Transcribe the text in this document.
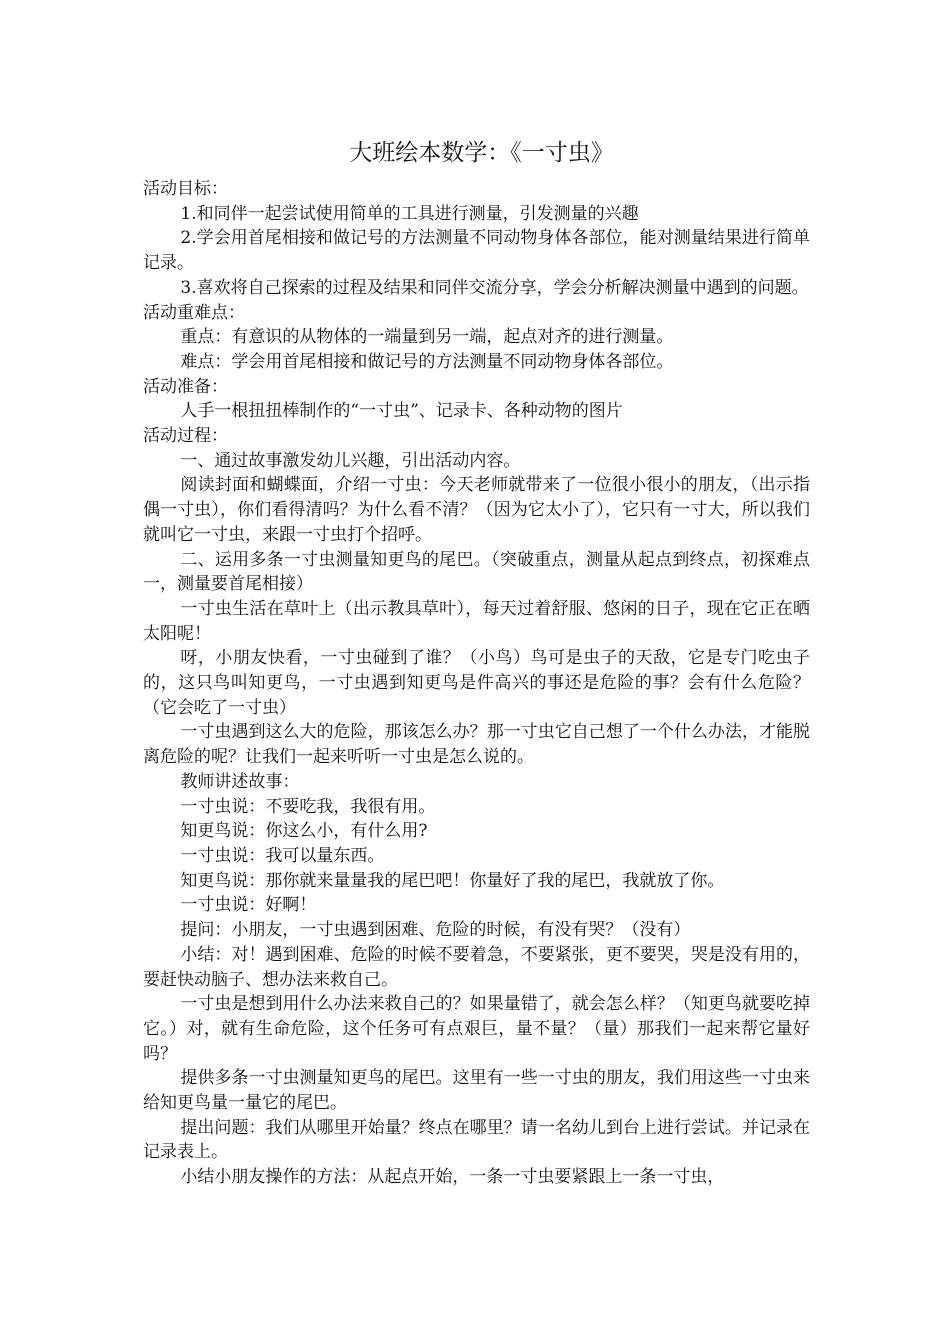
大班绘本数学：《一寸虫》

活动目标：

1.和同伴一起尝试使用简单的工具进行测量，引发测量的兴趣

2.学会用首尾相接和做记号的方法测量不同动物身体各部位，能对测量结果进行简单记录。

3.喜欢将自己探索的过程及结果和同伴交流分享，学会分析解决测量中遇到的问题。

活动重难点：

重点：有意识的从物体的一端量到另一端，起点对齐的进行测量。

难点：学会用首尾相接和做记号的方法测量不同动物身体各部位。

活动准备：

人手一根扭扭棒制作的“一寸虫”、记录卡、各种动物的图片

活动过程：

一、通过故事激发幼儿兴趣，引出活动内容。

阅读封面和蝴蝶面，介绍一寸虫：今天老师就带来了一位很小很小的朋友，（出示指偶一寸虫），你们看得清吗？为什么看不清？（因为它太小了），它只有一寸大，所以我们就叫它一寸虫，来跟一寸虫打个招呼。

二、运用多条一寸虫测量知更鸟的尾巴。（突破重点，测量从起点到终点，初探难点一，测量要首尾相接）

一寸虫生活在草叶上（出示教具草叶），每天过着舒服、悠闲的日子，现在它正在晒太阳呢！

呀，小朋友快看，一寸虫碰到了谁？（小鸟）鸟可是虫子的天敌，它是专门吃虫子的，这只鸟叫知更鸟，一寸虫遇到知更鸟是件高兴的事还是危险的事？会有什么危险？（它会吃了一寸虫）

一寸虫遇到这么大的危险，那该怎么办？那一寸虫它自己想了一个什么办法，才能脱离危险的呢？让我们一起来听听一寸虫是怎么说的。

教师讲述故事：

一寸虫说：不要吃我，我很有用。

知更鸟说：你这么小，有什么用?

一寸虫说：我可以量东西。

知更鸟说：那你就来量量我的尾巴吧！你量好了我的尾巴，我就放了你。

一寸虫说：好啊！

提问：小朋友，一寸虫遇到困难、危险的时候，有没有哭？（没有）

小结：对！遇到困难、危险的时候不要着急，不要紧张，更不要哭，哭是没有用的，要赶快动脑子、想办法来救自己。

一寸虫是想到用什么办法来救自己的？如果量错了，就会怎么样？（知更鸟就要吃掉它。）对，就有生命危险，这个任务可有点艰巨，量不量？（量）那我们一起来帮它量好吗？

提供多条一寸虫测量知更鸟的尾巴。这里有一些一寸虫的朋友，我们用这些一寸虫来给知更鸟量一量它的尾巴。

提出问题：我们从哪里开始量？终点在哪里？请一名幼儿到台上进行尝试。并记录在记录表上。

小结小朋友操作的方法：从起点开始，一条一寸虫要紧跟上一条一寸虫，
